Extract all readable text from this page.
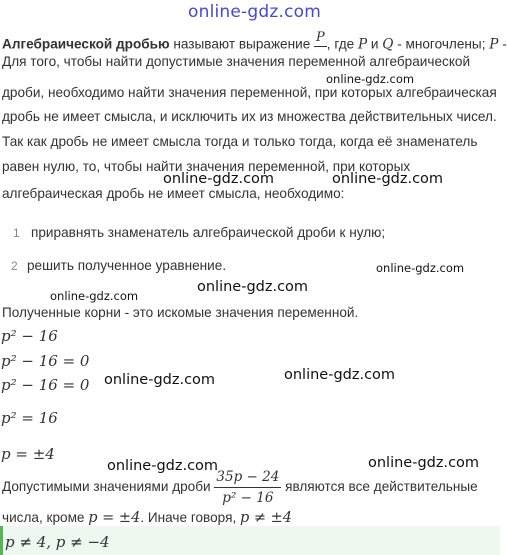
online-gdz.com
online-gdz.com
online-gdz.com	online-gdz.com
online-gdz.com
online-gdz.com
online-gdz.com
online-gdz.com
online-gdz.com
online-gdz.com	online-gdz.com
Алгебраической дробью называют выражение P , где P и Q - многочлены; P -
Для того, чтобы найти допустимые значения переменной алгебраической
дроби, необходимо найти значения переменной, при которых алгебраическая
дробь не имеет смысла, и исключить их из множества действительных чисел.
Так как дробь не имеет смысла тогда и только тогда, когда её знаменатель
равен нулю, то, чтобы найти значения переменной, при которых
алгебраическая дробь не имеет смысла, необходимо:
1 приравнять знаменатель алгебраической дроби к нулю;
2 решить полученное уравнение.
Полученные корни - это искомые значения переменной.
p² − 16
p² − 16 = 0
p² − 16 = 0
p² = 16
p = ±4
Допустимыми значениями дроби $\frac{35p - 24}{\text{p² − 16}}$ являются все действительные
числа, кроме p = ±4. Иначе говоря, p ≠ ±4
p ≠ 4, p ≠ −4
